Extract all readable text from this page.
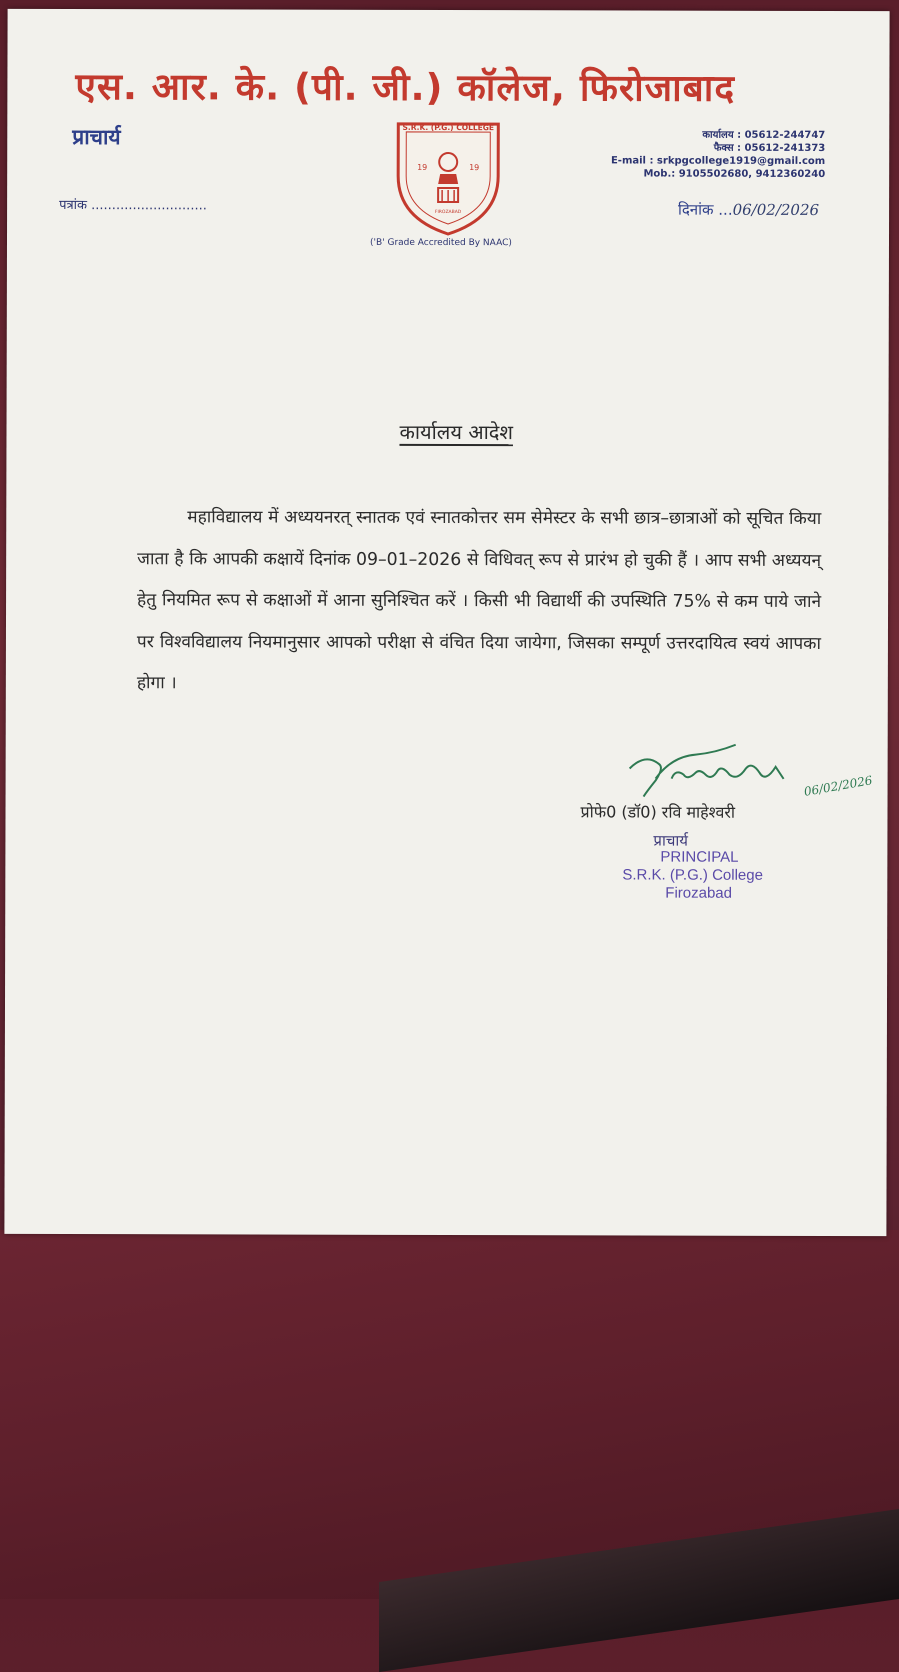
एस. आर. के. (पी. जी.) कॉलेज, फिरोजाबाद
प्राचार्य
पत्रांक ............................
S.R.K. (P.G.) COLLEGE
19	19
FIROZABAD
('B' Grade Accredited By NAAC)
कार्यालय : 05612-244747
फैक्स : 05612-241373
E-mail : srkpgcollege1919@gmail.com
Mob.: 9105502680, 9412360240
दिनांक ...06/02/2026
कार्यालय आदेश
महाविद्यालय में अध्ययनरत् स्नातक एवं स्नातकोत्तर सम सेमेस्टर के सभी छात्र–छात्राओं को सूचित किया जाता है कि आपकी कक्षायें दिनांक 09–01–2026 से विधिवत् रूप से प्रारंभ हो चुकी हैं । आप सभी अध्ययन् हेतु नियमित रूप से कक्षाओं में आना सुनिश्चित करें । किसी भी विद्यार्थी की उपस्थिति 75% से कम पाये जाने पर विश्वविद्यालय नियमानुसार आपको परीक्षा से वंचित दिया जायेगा, जिसका सम्पूर्ण उत्तरदायित्व स्वयं आपका होगा ।
06/02/2026
प्रोफे0 (डॉ0) रवि माहेश्वरी
प्राचार्य
PRINCIPAL
S.R.K. (P.G.) College
Firozabad
